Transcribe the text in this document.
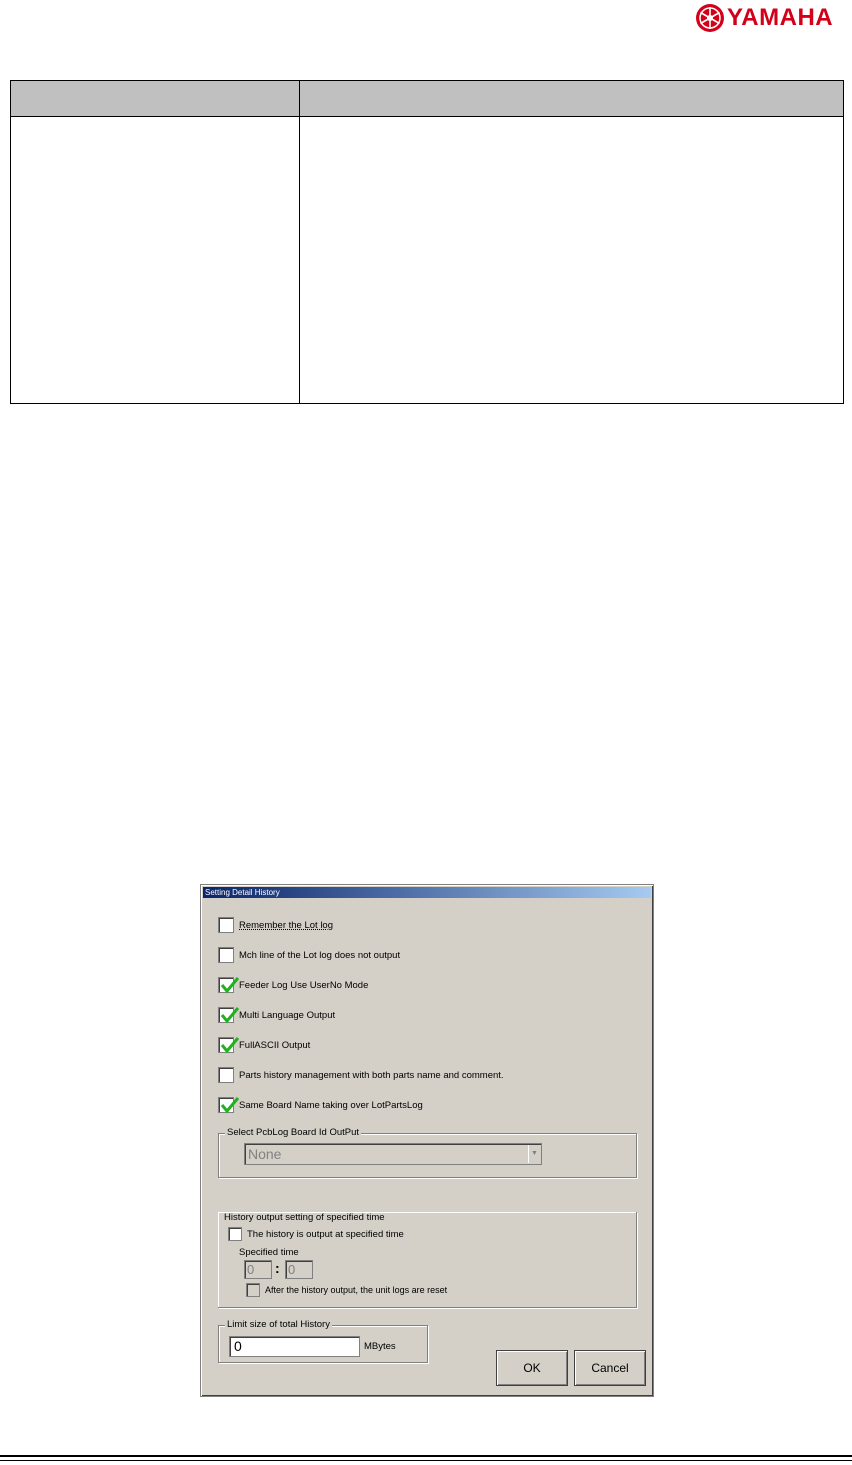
YAMAHA
Setting Detail History
Remember the Lot log
Mch line of the Lot log does not output
Feeder Log Use UserNo Mode
Multi Language Output
FullASCII Output
Parts history management with both parts name and comment.
Same Board Name taking over LotPartsLog
Select PcbLog Board Id OutPut
None	▼
History output setting of specified time
The history is output at specified time
Specified time
0	: 0
After the history output, the unit logs are reset
Limit size of total History
0	MBytes
OK	Cancel
